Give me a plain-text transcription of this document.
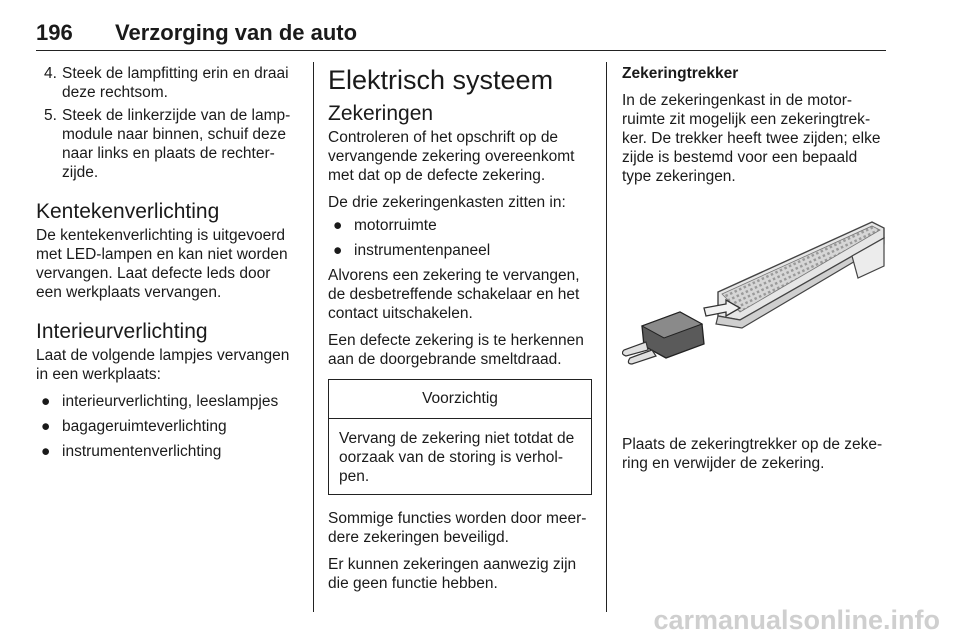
196 Verzorging van de auto
4. Steek de lampfitting erin en draai deze rechtsom.
5. Steek de linkerzijde van de lampmodule naar binnen, schuif deze naar links en plaats de rechterzijde.
Kentekenverlichting

De kentekenverlichting is uitgevoerd met LED-lampen en kan niet worden vervangen. Laat defecte leds door een werkplaats vervangen.

Interieurverlichting

Laat de volgende lampjes vervangen in een werkplaats:

● interieurverlichting, leeslampjes
● bagageruimteverlichting
● instrumentenverlichting
Elektrisch systeem
Zekeringen

Controleren of het opschrift op de vervangende zekering overeenkomt met dat op de defecte zekering.

De drie zekeringenkasten zitten in:

● motorruimte
● instrumentenpaneel

Alvorens een zekering te vervangen, de desbetreffende schakelaar en het contact uitschakelen.

Een defecte zekering is te herkennen aan de doorgebrande smeltdraad.

Voorzichtig
Vervang de zekering niet totdat de oorzaak van de storing is verholpen.

Sommige functies worden door meerdere zekeringen beveiligd.

Er kunnen zekeringen aanwezig zijn die geen functie hebben.

Zekeringtrekker

In de zekeringenkast in de motorruimte zit mogelijk een zekeringtrekker. De trekker heeft twee zijden; elke zijde is bestemd voor een bepaald type zekeringen.

Plaats de zekeringtrekker op de zekering en verwijder de zekering.

carmanualsonline.info
